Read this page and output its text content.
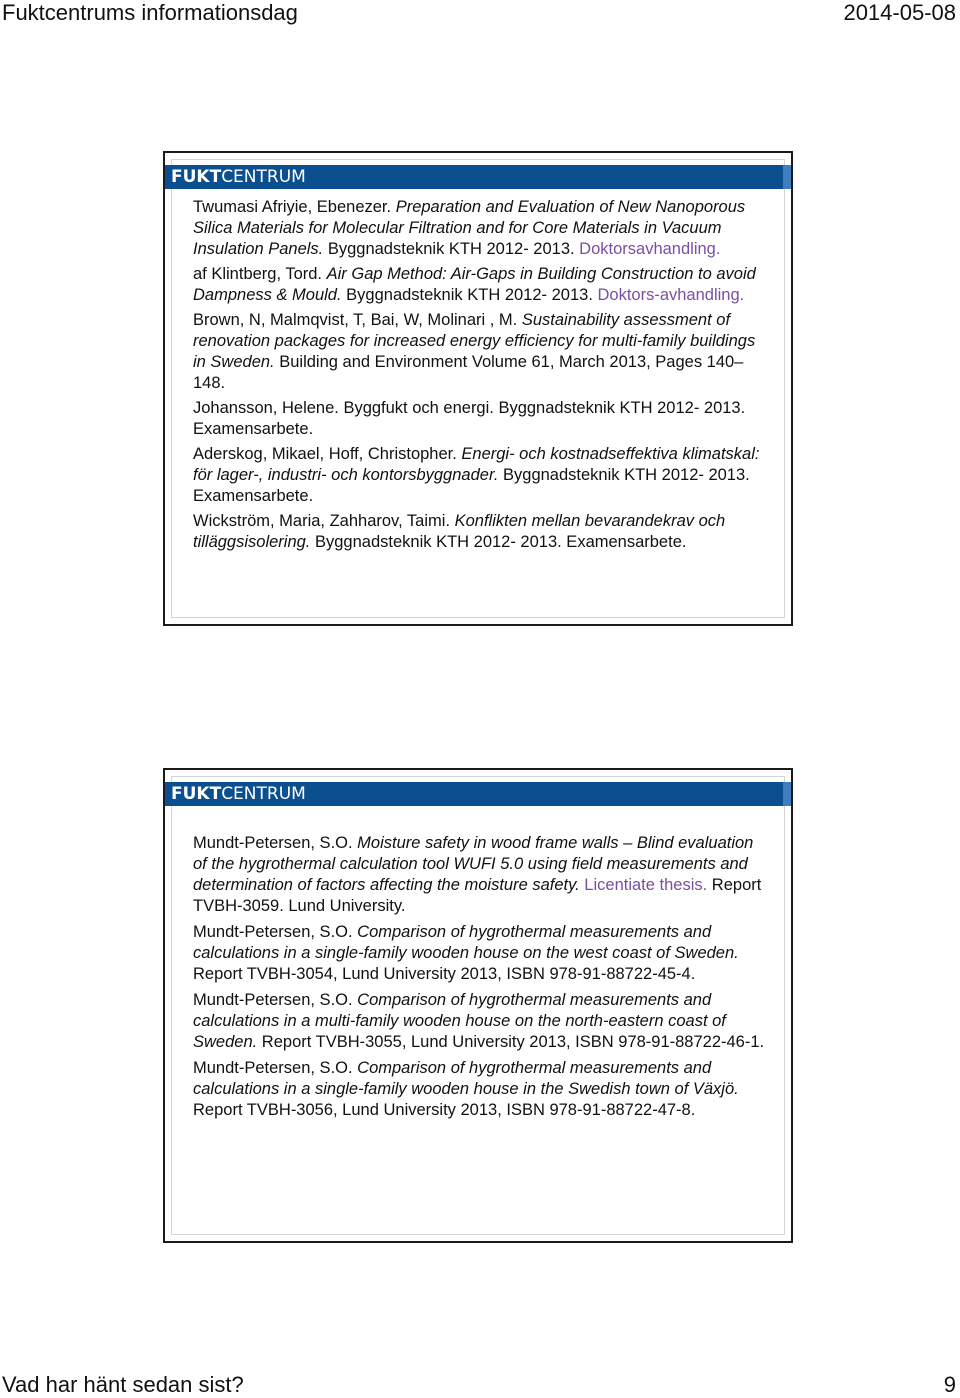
Fuktcentrums informationsdag	2014-05-08
FUKTCENTRUM

Twumasi Afriyie, Ebenezer. Preparation and Evaluation of New Nanoporous Silica Materials for Molecular Filtration and for Core Materials in Vacuum Insulation Panels. Byggnadsteknik KTH 2012- 2013. Doktorsavhandling.

af Klintberg, Tord. Air Gap Method: Air-Gaps in Building Construction to avoid Dampness & Mould. Byggnadsteknik KTH 2012- 2013. Doktors-avhandling.

Brown, N, Malmqvist, T, Bai, W, Molinari , M. Sustainability assessment of renovation packages for increased energy efficiency for multi-family buildings in Sweden. Building and Environment Volume 61, March 2013, Pages 140–148.

Johansson, Helene. Byggfukt och energi. Byggnadsteknik KTH 2012- 2013. Examensarbete.

Aderskog, Mikael, Hoff, Christopher. Energi- och kostnadseffektiva klimatskal: för lager-, industri- och kontorsbyggnader. Byggnadsteknik KTH 2012- 2013. Examensarbete.

Wickström, Maria, Zahharov, Taimi. Konflikten mellan bevarandekrav och tilläggsisolering. Byggnadsteknik KTH 2012- 2013. Examensarbete.

FUKTCENTRUM

Mundt-Petersen, S.O. Moisture safety in wood frame walls – Blind evaluation of the hygrothermal calculation tool WUFI 5.0 using field measurements and determination of factors affecting the moisture safety. Licentiate thesis. Report TVBH-3059. Lund University.

Mundt-Petersen, S.O. Comparison of hygrothermal measurements and calculations in a single-family wooden house on the west coast of Sweden. Report TVBH-3054, Lund University 2013, ISBN 978-91-88722-45-4.

Mundt-Petersen, S.O. Comparison of hygrothermal measurements and calculations in a multi-family wooden house on the north-eastern coast of Sweden. Report TVBH-3055, Lund University 2013, ISBN 978-91-88722-46-1.

Mundt-Petersen, S.O. Comparison of hygrothermal measurements and calculations in a single-family wooden house in the Swedish town of Växjö. Report TVBH-3056, Lund University 2013, ISBN 978-91-88722-47-8.

Vad har hänt sedan sist?	9
